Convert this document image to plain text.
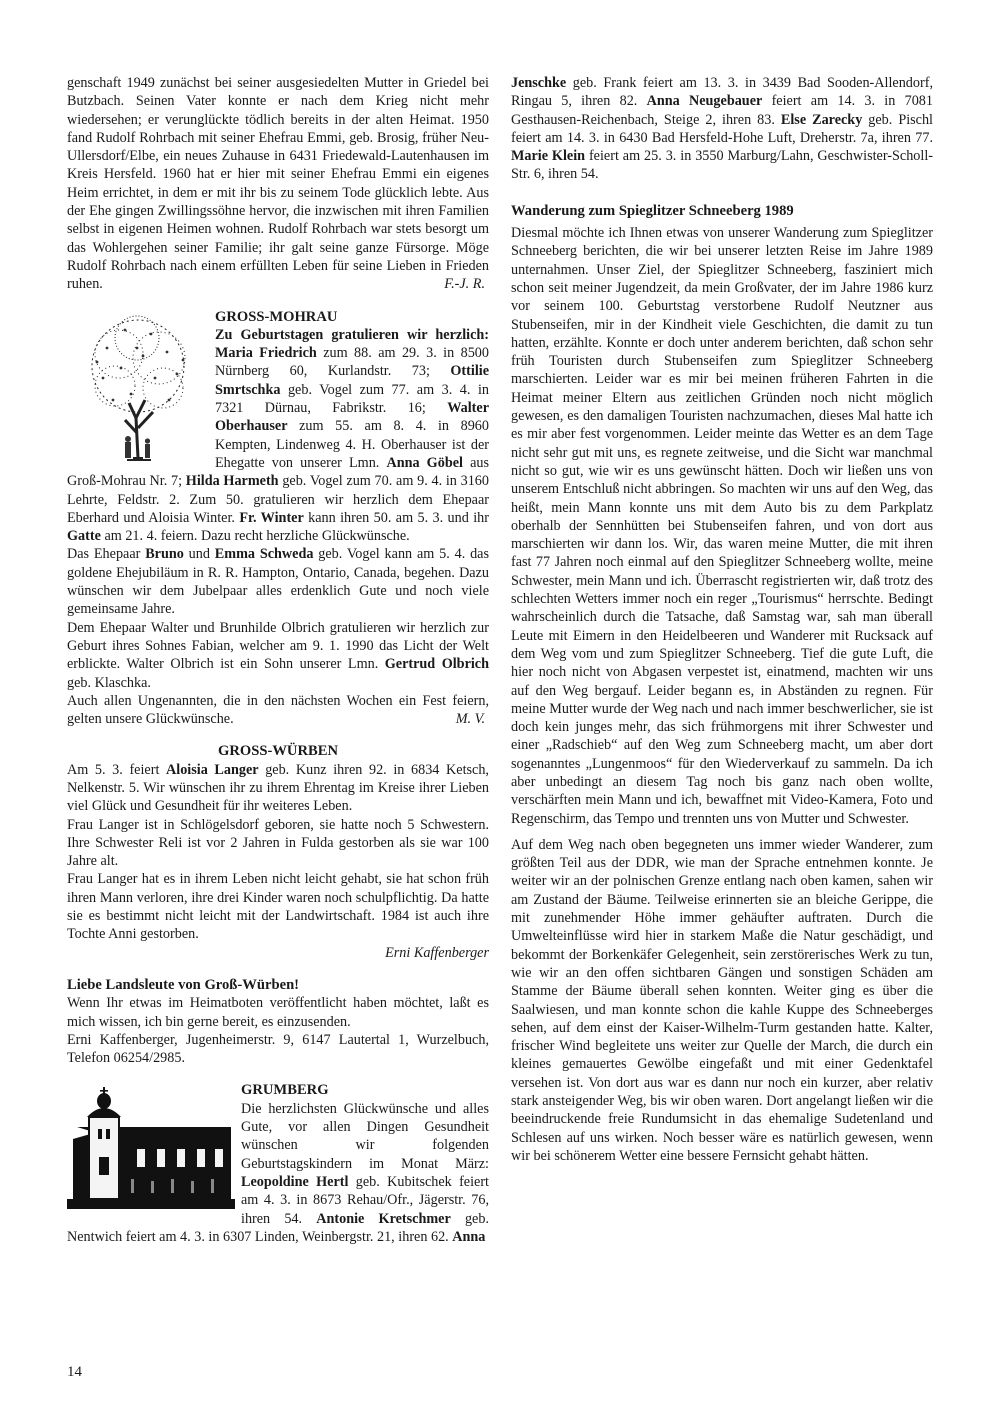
genschaft 1949 zunächst bei seiner ausgesiedelten Mutter in Griedel bei Butzbach. Seinen Vater konnte er nach dem Krieg nicht mehr wiedersehen; er verunglückte tödlich bereits in der alten Heimat. 1950 fand Rudolf Rohrbach mit seiner Ehefrau Emmi, geb. Brosig, früher Neu-Ullersdorf/Elbe, ein neues Zuhause in 6431 Friedewald-Lautenhausen im Kreis Hersfeld. 1960 hat er hier mit seiner Ehefrau Emmi ein eigenes Heim errichtet, in dem er mit ihr bis zu seinem Tode glücklich lebte. Aus der Ehe gingen Zwillingssöhne hervor, die inzwischen mit ihren Familien selbst in eigenen Heimen wohnen. Rudolf Rohrbach war stets besorgt um das Wohlergehen seiner Familie; ihr galt seine ganze Fürsorge. Möge Rudolf Rohrbach nach einem erfüllten Leben für seine Lieben in Frieden ruhen.	F.-J. R.

GROSS-MOHRAU

Zu Geburtstagen gratulieren wir herzlich: Maria Friedrich zum 88. am 29. 3. in 8500 Nürnberg 60, Kurlandstr. 73; Ottilie Smrtschka geb. Vogel zum 77. am 3. 4. in 7321 Dürnau, Fabrikstr. 16; Walter Oberhauser zum 55. am 8. 4. in 8960 Kempten, Lindenweg 4. H. Oberhauser ist der Ehegatte von unserer Lmn. Anna Göbel aus Groß-Mohrau Nr. 7; Hilda Harmeth geb. Vogel zum 70. am 9. 4. in 3160 Lehrte, Feldstr. 2. Zum 50. gratulieren wir herzlich dem Ehepaar Eberhard und Aloisia Winter. Fr. Winter kann ihren 50. am 5. 3. und ihr Gatte am 21. 4. feiern. Dazu recht herzliche Glückwünsche.

Das Ehepaar Bruno und Emma Schweda geb. Vogel kann am 5. 4. das goldene Ehejubiläum in R. R. Hampton, Ontario, Canada, begehen. Dazu wünschen wir dem Jubelpaar alles erdenklich Gute und noch viele gemeinsame Jahre.

Dem Ehepaar Walter und Brunhilde Olbrich gratulieren wir herzlich zur Geburt ihres Sohnes Fabian, welcher am 9. 1. 1990 das Licht der Welt erblickte. Walter Olbrich ist ein Sohn unserer Lmn. Gertrud Olbrich geb. Klaschka.

Auch allen Ungenannten, die in den nächsten Wochen ein Fest feiern, gelten unsere Glückwünsche.	M. V.

GROSS-WÜRBEN

Am 5. 3. feiert Aloisia Langer geb. Kunz ihren 92. in 6834 Ketsch, Nelkenstr. 5. Wir wünschen ihr zu ihrem Ehrentag im Kreise ihrer Lieben viel Glück und Gesundheit für ihr weiteres Leben.

Frau Langer ist in Schlögelsdorf geboren, sie hatte noch 5 Schwestern. Ihre Schwester Reli ist vor 2 Jahren in Fulda gestorben als sie war 100 Jahre alt.

Frau Langer hat es in ihrem Leben nicht leicht gehabt, sie hat schon früh ihren Mann verloren, ihre drei Kinder waren noch schulpflichtig. Da hatte sie es bestimmt nicht leicht mit der Landwirtschaft. 1984 ist auch ihre Tochte Anni gestorben.

Erni Kaffenberger

Liebe Landsleute von Groß-Würben!

Wenn Ihr etwas im Heimatboten veröffentlicht haben möchtet, laßt es mich wissen, ich bin gerne bereit, es einzusenden.

Erni Kaffenberger, Jugenheimerstr. 9, 6147 Lautertal 1, Wurzelbuch, Telefon 06254/2985.

GRUMBERG

Die herzlichsten Glückwünsche und alles Gute, vor allen Dingen Gesundheit wünschen wir folgenden Geburtstagskindern im Monat März: Leopoldine Hertl geb. Kubitschek feiert am 4. 3. in 8673 Rehau/Ofr., Jägerstr. 76, ihren 54. Antonie Kretschmer geb. Nentwich feiert am 4. 3. in 6307 Linden, Weinbergstr. 21, ihren 62. Anna

Jenschke geb. Frank feiert am 13. 3. in 3439 Bad Sooden-Allendorf, Ringau 5, ihren 82. Anna Neugebauer feiert am 14. 3. in 7081 Gesthausen-Reichenbach, Steige 2, ihren 83. Else Zarecky geb. Pischl feiert am 14. 3. in 6430 Bad Hersfeld-Hohe Luft, Dreherstr. 7a, ihren 77. Marie Klein feiert am 25. 3. in 3550 Marburg/Lahn, Geschwister-Scholl-Str. 6, ihren 54.

Wanderung zum Spieglitzer Schneeberg 1989

Diesmal möchte ich Ihnen etwas von unserer Wanderung zum Spieglitzer Schneeberg berichten, die wir bei unserer letzten Reise im Jahre 1989 unternahmen. Unser Ziel, der Spieglitzer Schneeberg, fasziniert mich schon seit meiner Jugendzeit, da mein Großvater, der im Jahre 1986 kurz vor seinem 100. Geburtstag verstorbene Rudolf Neutzner aus Stubenseifen, mir in der Kindheit viele Geschichten, die damit zu tun hatten, erzählte. Konnte er doch unter anderem berichten, daß schon sehr früh Touristen durch Stubenseifen zum Spieglitzer Schneeberg marschierten. Leider war es mir bei meinen früheren Fahrten in die Heimat meiner Eltern aus zeitlichen Gründen noch nicht möglich gewesen, es den damaligen Touristen nachzumachen, dieses Mal hatte ich es mir aber fest vorgenommen. Leider meinte das Wetter es an dem Tage nicht sehr gut mit uns, es regnete zeitweise, und die Sicht war manchmal nicht so gut, wie wir es uns gewünscht hätten. Doch wir ließen uns von unserem Entschluß nicht abbringen. So machten wir uns auf den Weg, das heißt, mein Mann konnte uns mit dem Auto bis zu dem Parkplatz oberhalb der Sennhütten bei Stubenseifen fahren, und von dort aus marschierten wir dann los. Wir, das waren meine Mutter, die mit ihren fast 77 Jahren noch einmal auf den Spieglitzer Schneeberg wollte, meine Schwester, mein Mann und ich. Überrascht registrierten wir, daß trotz des schlechten Wetters immer noch ein reger „Tourismus“ herrschte. Bedingt wahrscheinlich durch die Tatsache, daß Samstag war, sah man überall Leute mit Eimern in den Heidelbeeren und Wanderer mit Rucksack auf dem Weg vom und zum Spieglitzer Schneeberg. Tief die gute Luft, die hier noch nicht von Abgasen verpestet ist, einatmend, machten wir uns auf den Weg bergauf. Leider begann es, in Abständen zu regnen. Für meine Mutter wurde der Weg nach und nach immer beschwerlicher, sie ist doch kein junges mehr, das sich frühmorgens mit ihrer Schwester und einer „Radschieb“ auf den Weg zum Schneeberg macht, um aber dort sogenanntes „Lungenmoos“ für den Wiederverkauf zu sammeln. Da ich aber unbedingt an diesem Tag noch bis ganz nach oben wollte, verschärften mein Mann und ich, bewaffnet mit Video-Kamera, Foto und Regenschirm, das Tempo und trennten uns von Mutter und Schwester.

Auf dem Weg nach oben begegneten uns immer wieder Wanderer, zum größten Teil aus der DDR, wie man der Sprache entnehmen konnte. Je weiter wir an der polnischen Grenze entlang nach oben kamen, sahen wir am Zustand der Bäume. Teilweise erinnerten sie an bleiche Gerippe, die mit zunehmender Höhe immer gehäufter auftraten. Durch die Umwelteinflüsse wird hier in starkem Maße die Natur geschädigt, und bekommt der Borkenkäfer Gelegenheit, sein zerstörerisches Werk zu tun, wie wir an den offen sichtbaren Gängen und sonstigen Schäden am Stamme der Bäume überall sehen konnten. Weiter ging es über die Saalwiesen, und man konnte schon die kahle Kuppe des Schneeberges sehen, auf dem einst der Kaiser-Wilhelm-Turm gestanden hatte. Kalter, frischer Wind begleitete uns weiter zur Quelle der March, die durch ein kleines gemauertes Gewölbe eingefaßt und mit einer Gedenktafel versehen ist. Von dort aus war es dann nur noch ein kurzer, aber relativ stark ansteigender Weg, bis wir oben waren. Dort angelangt ließen wir die beeindruckende freie Rundumsicht in das ehemalige Sudetenland und Schlesen auf uns wirken. Noch besser wäre es natürlich gewesen, wenn wir bei schönerem Wetter eine bessere Fernsicht gehabt hätten.

14
